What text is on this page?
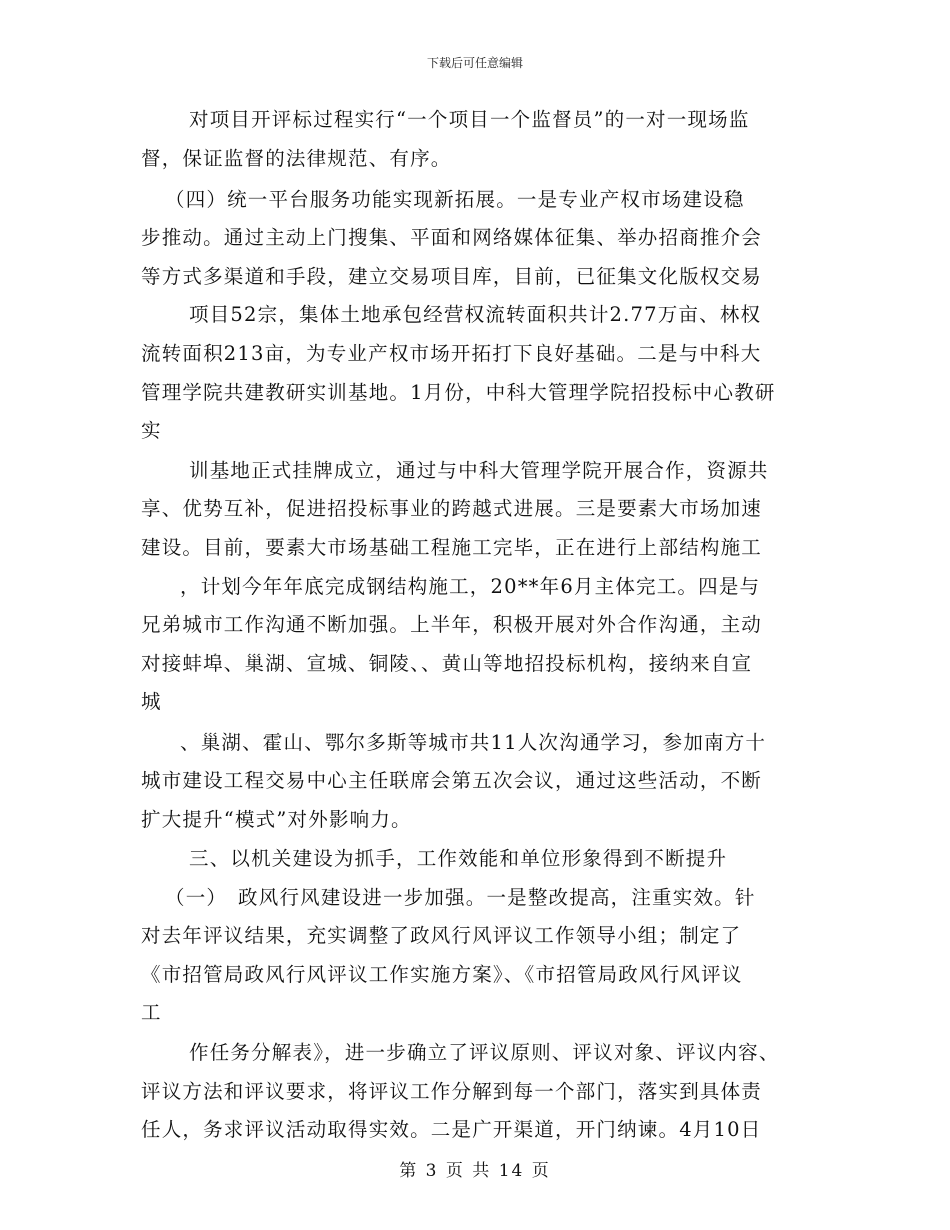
下载后可任意编辑
对项目开评标过程实行“一个项目一个监督员”的一对一现场监
督，保证监督的法律规范、有序。
（四）统一平台服务功能实现新拓展。一是专业产权市场建设稳
步推动。通过主动上门搜集、平面和网络媒体征集、举办招商推介会
等方式多渠道和手段，建立交易项目库，目前，已征集文化版权交易
项目52宗，集体土地承包经营权流转面积共计2.77万亩、林权
流转面积213亩，为专业产权市场开拓打下良好基础。二是与中科大
管理学院共建教研实训基地。1月份，中科大管理学院招投标中心教研
实
训基地正式挂牌成立，通过与中科大管理学院开展合作，资源共
享、优势互补，促进招投标事业的跨越式进展。三是要素大市场加速
建设。目前，要素大市场基础工程施工完毕，正在进行上部结构施工
，计划今年年底完成钢结构施工，20**年6月主体完工。四是与
兄弟城市工作沟通不断加强。上半年，积极开展对外合作沟通，主动
对接蚌埠、巢湖、宣城、铜陵、、黄山等地招投标机构，接纳来自宣
城
、巢湖、霍山、鄂尔多斯等城市共11人次沟通学习，参加南方十
城市建设工程交易中心主任联席会第五次会议，通过这些活动，不断
扩大提升“模式”对外影响力。
三、以机关建设为抓手，工作效能和单位形象得到不断提升
（一）　政风行风建设进一步加强。一是整改提高，注重实效。针
对去年评议结果，充实调整了政风行风评议工作领导小组；制定了
《市招管局政风行风评议工作实施方案》、《市招管局政风行风评议
工
作任务分解表》，进一步确立了评议原则、评议对象、评议内容、
评议方法和评议要求，将评议工作分解到每一个部门，落实到具体责
任人，务求评议活动取得实效。二是广开渠道，开门纳谏。4月10日
第 3 页 共 14 页
